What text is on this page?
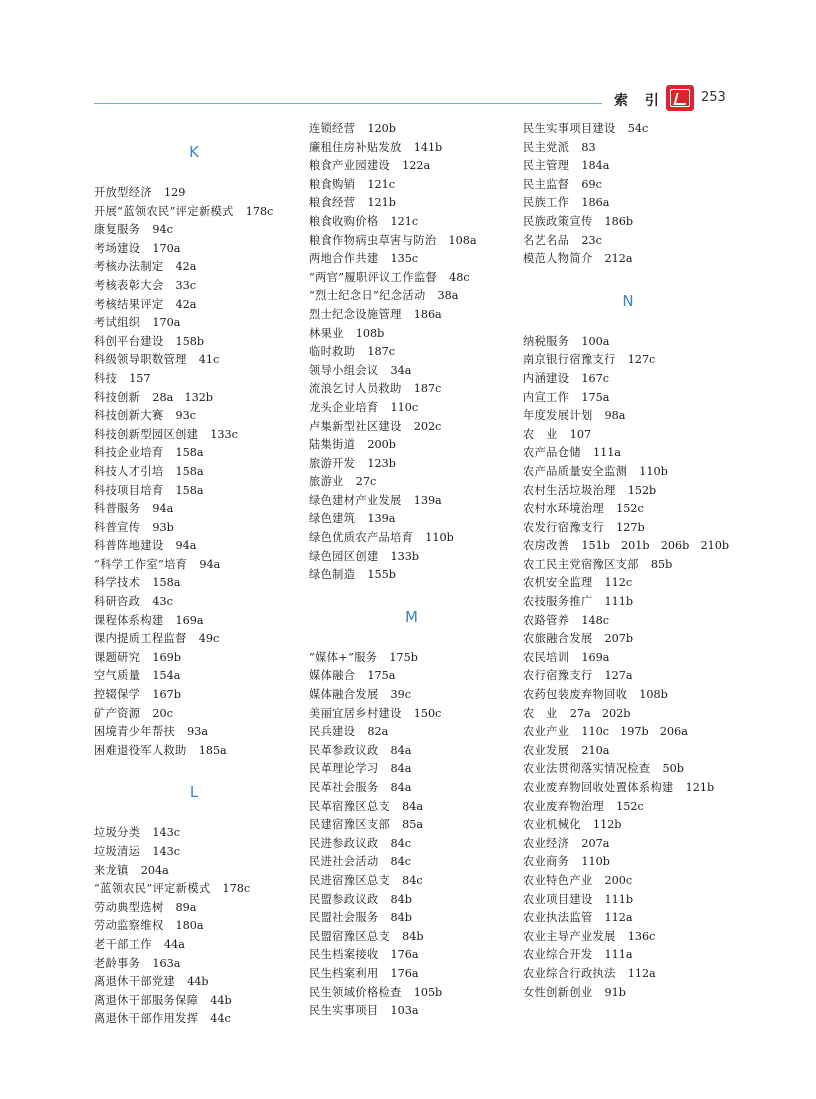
索 引	253
K
开放型经济 129
开展“蓝领农民”评定新模式 178c
康复服务 94c
考场建设 170a
考核办法制定 42a
考核表彰大会 33c
考核结果评定 42a
考试组织 170a
科创平台建设 158b
科级领导职数管理 41c
科技 157
科技创新 28a　132b
科技创新大赛 93c
科技创新型园区创建 133c
科技企业培育 158a
科技人才引培 158a
科技项目培育 158a
科普服务 94a
科普宣传 93b
科普阵地建设 94a
“科学工作室”培育 94a
科学技术 158a
科研咨政 43c
课程体系构建 169a
课内提质工程监督 49c
课题研究 169b
空气质量 154a
控辍保学 167b
矿产资源 20c
困境青少年帮扶 93a
困难退役军人救助 185a
L
垃圾分类 143c
垃圾清运 143c
来龙镇 204a
“蓝领农民”评定新模式 178c
劳动典型选树 89a
劳动监察维权 180a
老干部工作 44a
老龄事务 163a
离退休干部党建 44b
离退休干部服务保障 44b
离退休干部作用发挥 44c
连锁经营 120b
廉租住房补贴发放 141b
粮食产业园建设 122a
粮食购销 121c
粮食经营 121b
粮食收购价格 121c
粮食作物病虫草害与防治 108a
两地合作共建 135c
“两官”履职评议工作监督 48c
“烈士纪念日”纪念活动 38a
烈士纪念设施管理 186a
林果业 108b
临时救助 187c
领导小组会议 34a
流浪乞讨人员救助 187c
龙头企业培育 110c
卢集新型社区建设 202c
陆集街道 200b
旅游开发 123b
旅游业 27c
绿色建材产业发展 139a
绿色建筑 139a
绿色优质农产品培育 110b
绿色园区创建 133b
绿色制造 155b
M
“媒体+”服务 175b
媒体融合 175a
媒体融合发展 39c
美丽宜居乡村建设 150c
民兵建设 82a
民革参政议政 84a
民革理论学习 84a
民革社会服务 84a
民革宿豫区总支 84a
民建宿豫区支部 85a
民进参政议政 84c
民进社会活动 84c
民进宿豫区总支 84c
民盟参政议政 84b
民盟社会服务 84b
民盟宿豫区总支 84b
民生档案接收 176a
民生档案利用 176a
民生领域价格检查 105b
民生实事项目 103a
民生实事项目建设 54c
民主党派 83
民主管理 184a
民主监督 69c
民族工作 186a
民族政策宣传 186b
名艺名品 23c
模范人物简介 212a
N
纳税服务 100a
南京银行宿豫支行 127c
内涵建设 167c
内宣工作 175a
年度发展计划 98a
农　业 107
农产品仓储 111a
农产品质量安全监测 110b
农村生活垃圾治理 152b
农村水环境治理 152c
农发行宿豫支行 127b
农房改善 151b　201b　206b　210b
农工民主党宿豫区支部 85b
农机安全监理 112c
农技服务推广 111b
农路管养 148c
农旅融合发展 207b
农民培训 169a
农行宿豫支行 127a
农药包装废弃物回收 108b
农　业 27a　202b
农业产业 110c　197b　206a
农业发展 210a
农业法贯彻落实情况检查 50b
农业废弃物回收处置体系构建 121b
农业废弃物治理 152c
农业机械化 112b
农业经济 207a
农业商务 110b
农业特色产业 200c
农业项目建设 111b
农业执法监管 112a
农业主导产业发展 136c
农业综合开发 111a
农业综合行政执法 112a
女性创新创业 91b
